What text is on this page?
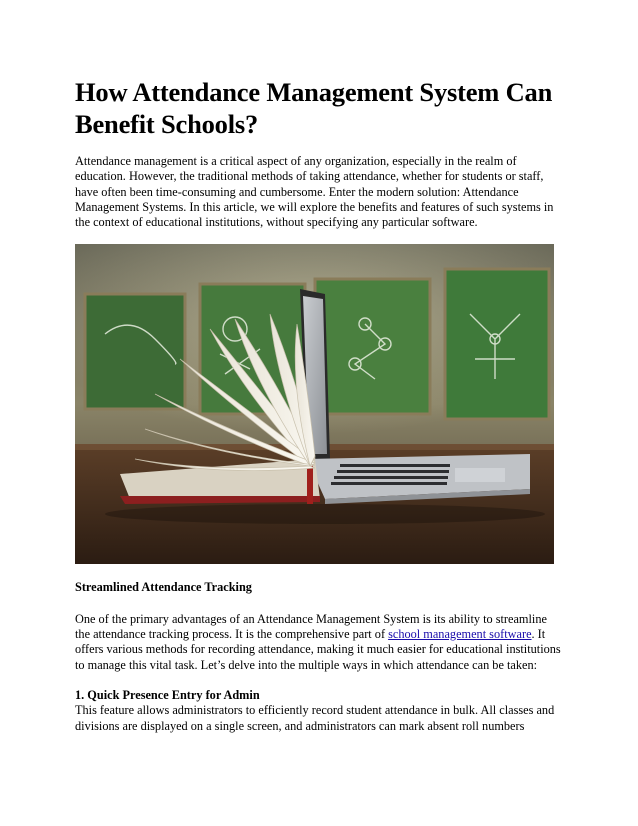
How Attendance Management System Can Benefit Schools?

Attendance management is a critical aspect of any organization, especially in the realm of education. However, the traditional methods of taking attendance, whether for students or staff, have often been time-consuming and cumbersome. Enter the modern solution: Attendance Management Systems. In this article, we will explore the benefits and features of such systems in the context of educational institutions, without specifying any particular software.

Streamlined Attendance Tracking

One of the primary advantages of an Attendance Management System is its ability to streamline the attendance tracking process. It is the comprehensive part of school management software. It offers various methods for recording attendance, making it much easier for educational institutions to manage this vital task. Let’s delve into the multiple ways in which attendance can be taken:

1. Quick Presence Entry for Admin

This feature allows administrators to efficiently record student attendance in bulk. All classes and divisions are displayed on a single screen, and administrators can mark absent roll numbers
